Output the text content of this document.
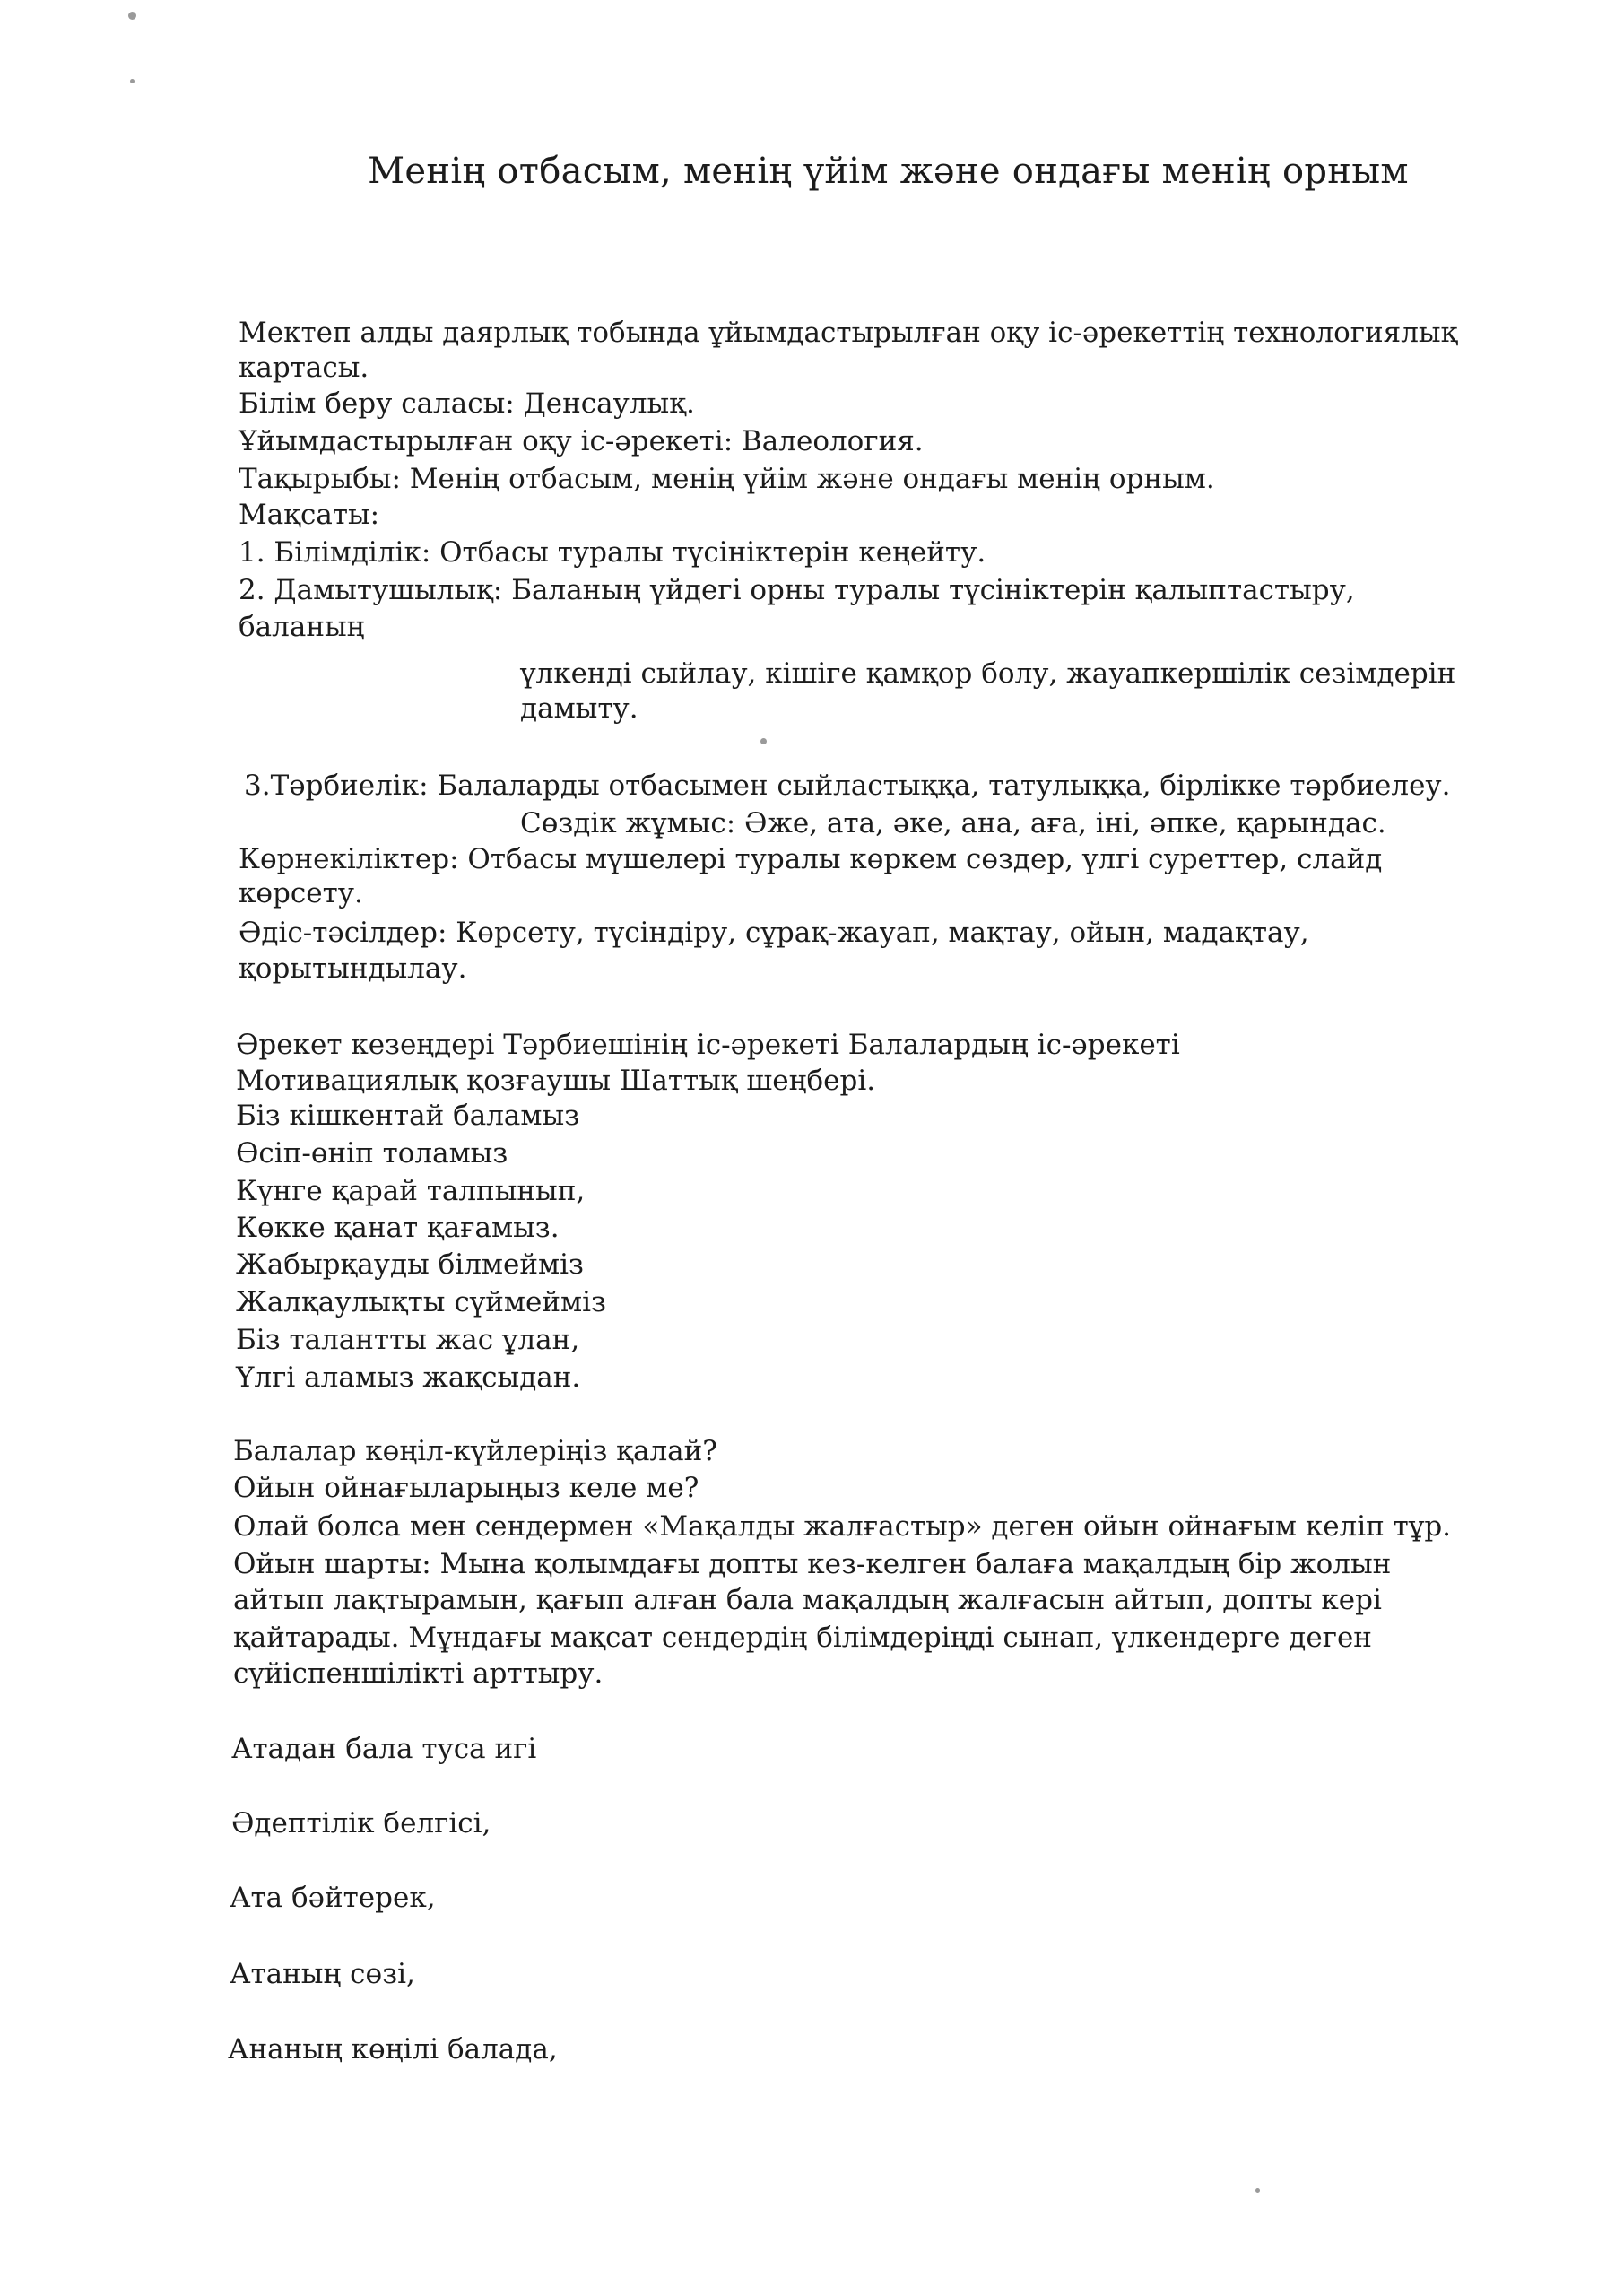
Менің отбасым, менің үйім және ондағы менің орным
Мектеп алды даярлық тобында ұйымдастырылған оқу іс-әрекеттің технологиялық
картасы.
Білім беру саласы: Денсаулық.
Ұйымдастырылған оқу іс-әрекеті: Валеология.
Тақырыбы: Менің отбасым, менің үйім және ондағы менің орным.
Мақсаты:
1. Білімділік: Отбасы туралы түсініктерін кеңейту.
2. Дамытушылық: Баланың үйдегі орны туралы түсініктерін қалыптастыру,
баланың
үлкенді сыйлау, кішіге қамқор болу, жауапкершілік сезімдерін
дамыту.
3.Тәрбиелік: Балаларды отбасымен сыйластыққа, татулыққа, бірлікке тәрбиелеу.
Сөздік жұмыс: Әже, ата, әке, ана, аға, іні, әпке, қарындас.
Көрнекіліктер: Отбасы мүшелері туралы көркем сөздер, үлгі суреттер, слайд
көрсету.
Әдіс-тәсілдер: Көрсету, түсіндіру, сұрақ-жауап, мақтау, ойын, мадақтау,
қорытындылау.
Әрекет кезеңдері Тәрбиешінің іс-әрекеті Балалардың іс-әрекеті
Мотивациялық қозғаушы Шаттық шеңбері.
Біз кішкентай баламыз
Өсіп-өніп толамыз
Күнге қарай талпынып,
Көкке қанат қағамыз.
Жабырқауды білмейміз
Жалқаулықты сүймейміз
Біз талантты жас ұлан,
Үлгі аламыз жақсыдан.
Балалар көңіл-күйлеріңіз қалай?
Ойын ойнағыларыңыз келе ме?
Олай болса мен сендермен «Мақалды жалғастыр» деген ойын ойнағым келіп тұр.
Ойын шарты: Мына қолымдағы допты кез-келген балаға мақалдың бір жолын
айтып лақтырамын, қағып алған бала мақалдың жалғасын айтып, допты кері
қайтарады. Мұндағы мақсат сендердің білімдеріңді сынап, үлкендерге деген
сүйіспеншілікті арттыру.
Атадан бала туса игі
Әдептілік белгісі,
Ата бәйтерек,
Атаның сөзі,
Ананың көңілі балада,
